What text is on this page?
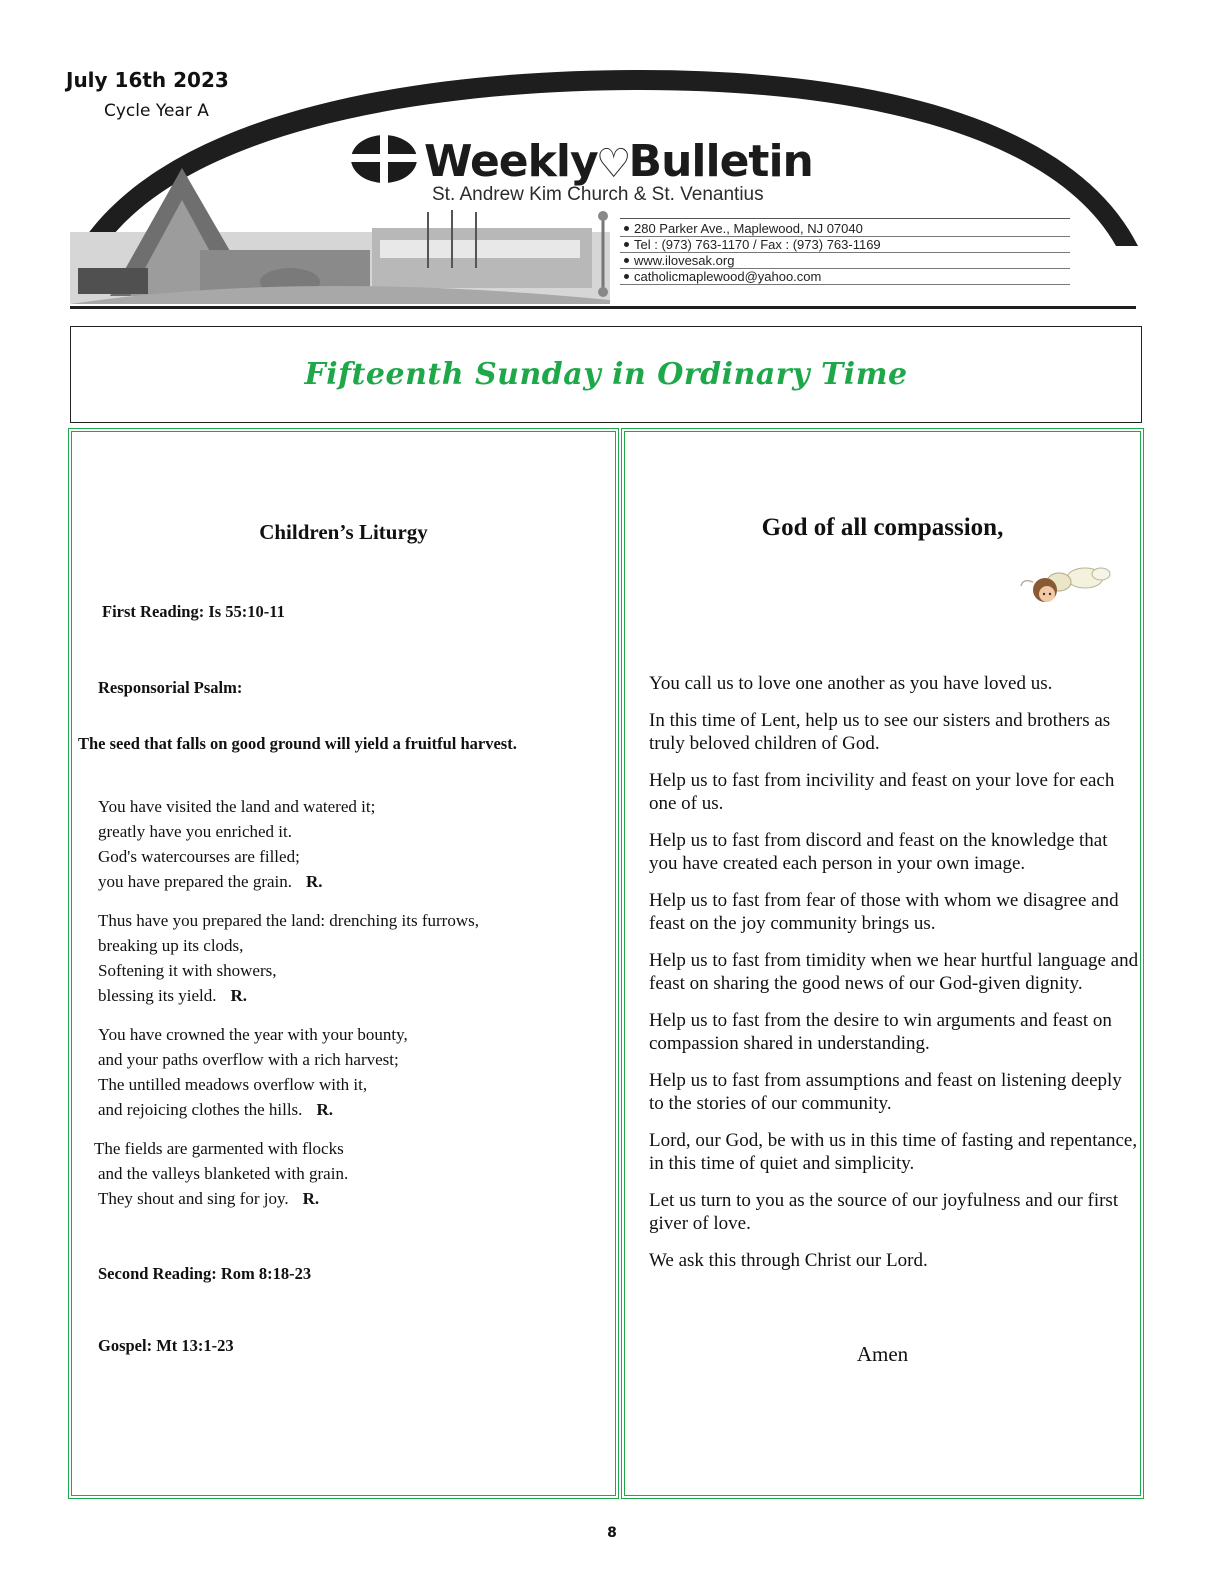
July 16th 2023
Cycle Year A
Weekly
♡
Bulletin
St. Andrew Kim Church & St. Venantius
280 Parker Ave., Maplewood, NJ 07040
Tel : (973) 763-1170 / Fax : (973) 763-1169
www.ilovesak.org
catholicmaplewood@yahoo.com
Fifteenth Sunday in Ordinary Time
Children’s Liturgy
First Reading: Is 55:10-11
Responsorial Psalm:
The seed that falls on good ground will yield a fruitful harvest.
You have visited the land and watered it;
greatly have you enriched it.
God's watercourses are filled;
you have prepared the grain. R.
Thus have you prepared the land: drenching its furrows,
breaking up its clods,
Softening it with showers,
blessing its yield. R.
You have crowned the year with your bounty,
and your paths overflow with a rich harvest;
The untilled meadows overflow with it,
and rejoicing clothes the hills. R.
The fields are garmented with flocks
and the valleys blanketed with grain.
They shout and sing for joy. R.
Second Reading: Rom 8:18-23
Gospel: Mt 13:1-23
God of all compassion,

You call us to love one another as you have loved us.

In this time of Lent, help us to see our sisters and brothers as truly beloved children of God.

Help us to fast from incivility and feast on your love for each one of us.

Help us to fast from discord and feast on the knowledge that you have created each person in your own image.

Help us to fast from fear of those with whom we disagree and feast on the joy community brings us.

Help us to fast from timidity when we hear hurtful language and feast on sharing the good news of our God-given dignity.

Help us to fast from the desire to win arguments and feast on compassion shared in understanding.

Help us to fast from assumptions and feast on listening deeply to the stories of our community.

Lord, our God, be with us in this time of fasting and repentance, in this time of quiet and simplicity.

Let us turn to you as the source of our joyfulness and our first giver of love.

We ask this through Christ our Lord.

Amen
8
